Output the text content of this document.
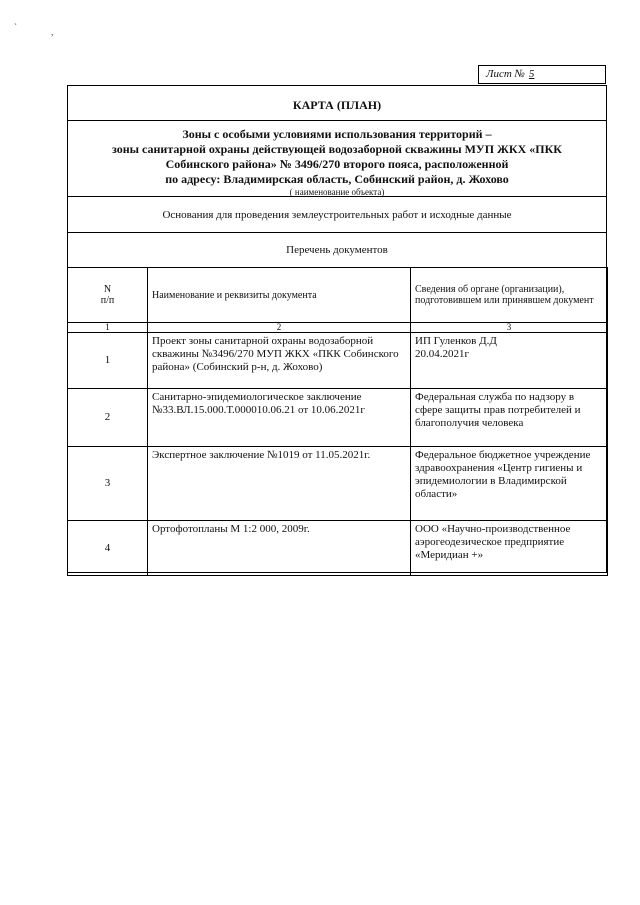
ˋ	,
Лист № 5
КАРТА (ПЛАН)
Зоны с особыми условиями использования территорий –
зоны санитарной охраны действующей водозаборной скважины МУП ЖКХ «ПКК
Собинского района» № 3496/270 второго пояса, расположенной
по адресу: Владимирская область, Собинский район, д. Жохово
( наименование объекта)
Основания для проведения землеустроительных работ и исходные данные
Перечень документов
N
п/п	Наименование и реквизиты документа	Сведения об органе (организации), подготовившем или принявшем документ
1	2	3
1	Проект зоны санитарной охраны водозаборной скважины №3496/270 МУП ЖКХ «ПКК Собинского района» (Собинский р-н, д. Жохово)	ИП Гуленков Д.Д
20.04.2021г
2	Санитарно-эпидемиологическое заключение №33.ВЛ.15.000.Т.000010.06.21 от 10.06.2021г	Федеральная служба по надзору в сфере защиты прав потребителей и благополучия человека
3	Экспертное заключение №1019 от 11.05.2021г.	Федеральное бюджетное учреждение здравоохранения «Центр гигиены и эпидемиологии в Владимирской области»
4	Ортофотопланы М 1:2 000, 2009г.	ООО «Научно-производственное аэрогеодезическое предприятие «Меридиан +»
